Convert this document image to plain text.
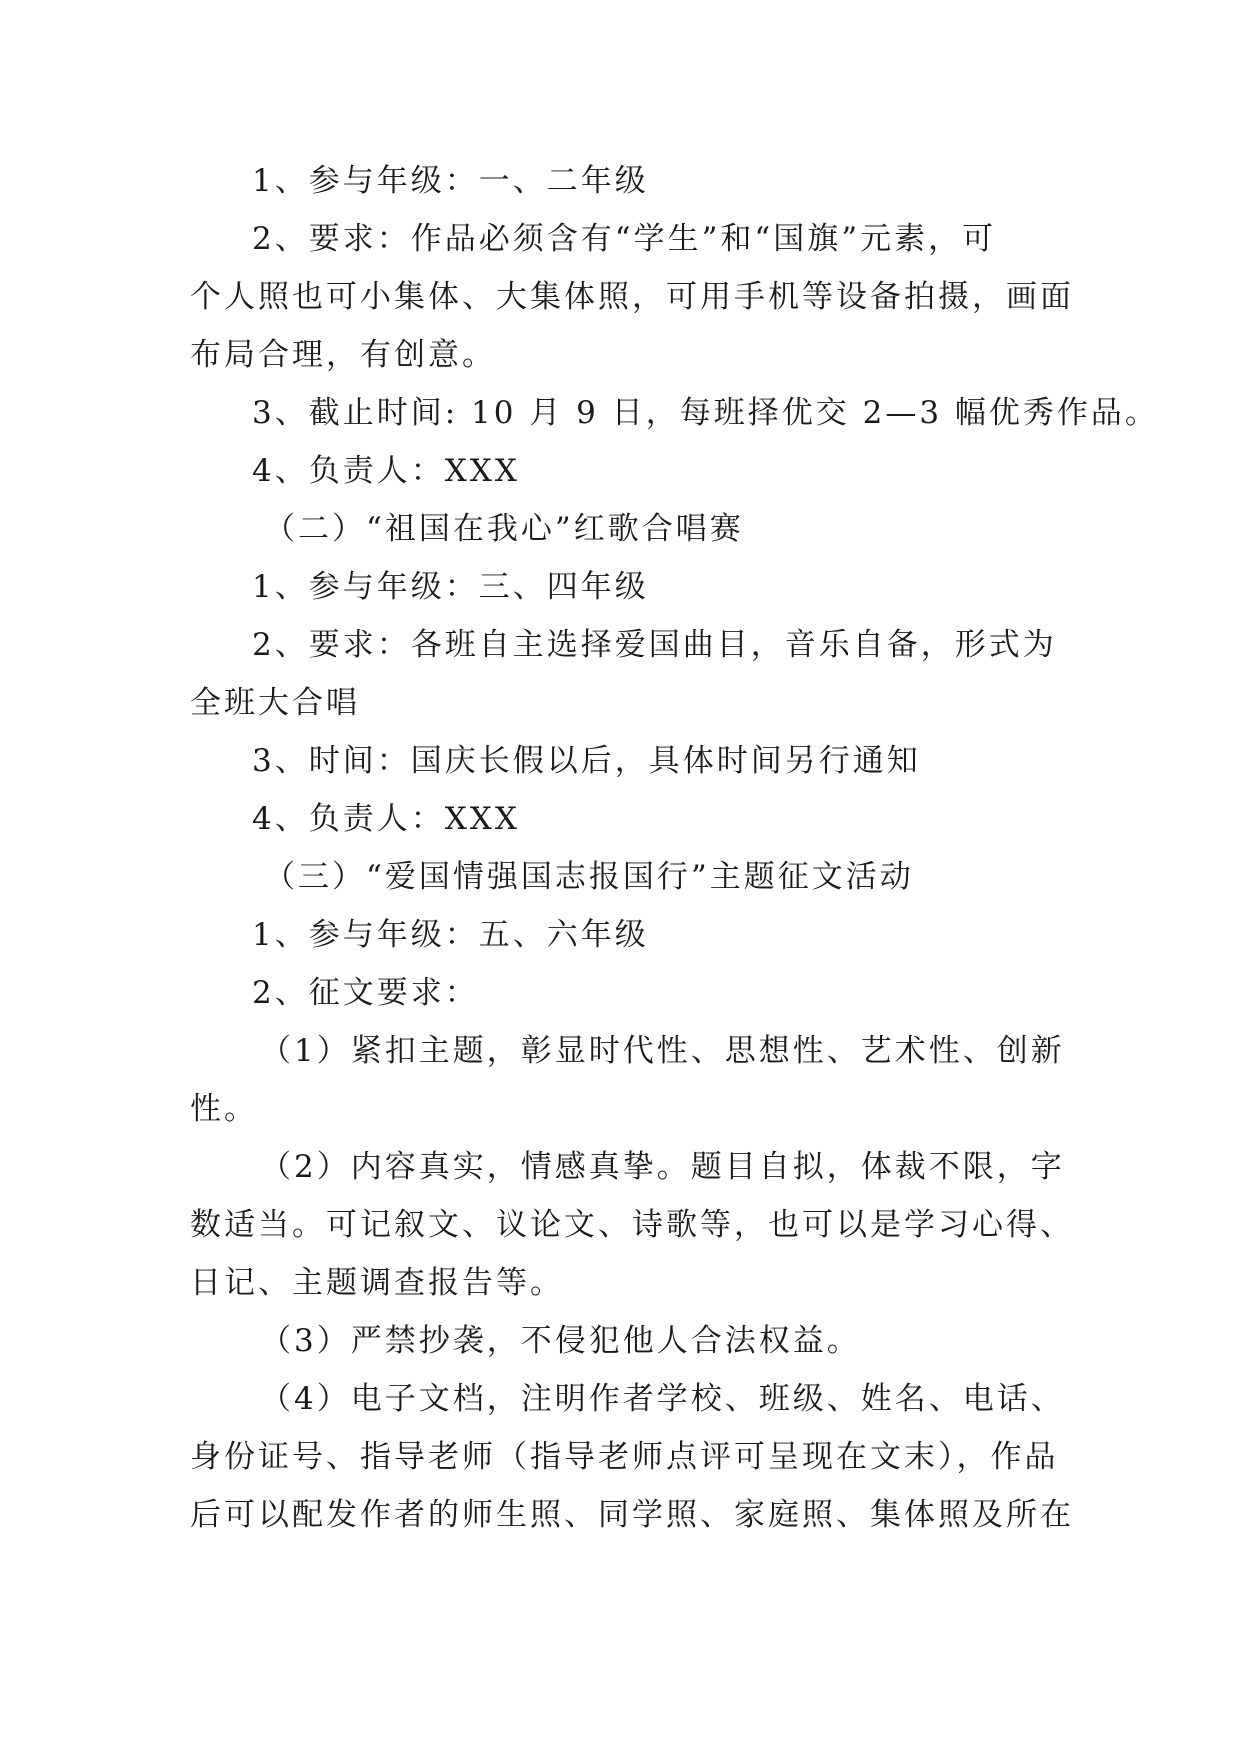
1、参与年级：一、二年级
2、要求：作品必须含有“学生”和“国旗”元素，可
个人照也可小集体、大集体照，可用手机等设备拍摄，画面
布局合理，有创意。
3、截止时间: 10 月 9 日，每班择优交 2—3 幅优秀作品。
4、负责人：XXX
（二）“祖国在我心”红歌合唱赛
1、参与年级：三、四年级
2、要求：各班自主选择爱国曲目，音乐自备，形式为
全班大合唱
3、时间：国庆长假以后，具体时间另行通知
4、负责人：XXX
（三）“爱国情强国志报国行”主题征文活动
1、参与年级：五、六年级
2、征文要求：
（1）紧扣主题，彰显时代性、思想性、艺术性、创新
性。
（2）内容真实，情感真挚。题目自拟，体裁不限，字
数适当。可记叙文、议论文、诗歌等，也可以是学习心得、
日记、主题调查报告等。
（3）严禁抄袭，不侵犯他人合法权益。
（4）电子文档，注明作者学校、班级、姓名、电话、
身份证号、指导老师（指导老师点评可呈现在文末），作品
后可以配发作者的师生照、同学照、家庭照、集体照及所在
